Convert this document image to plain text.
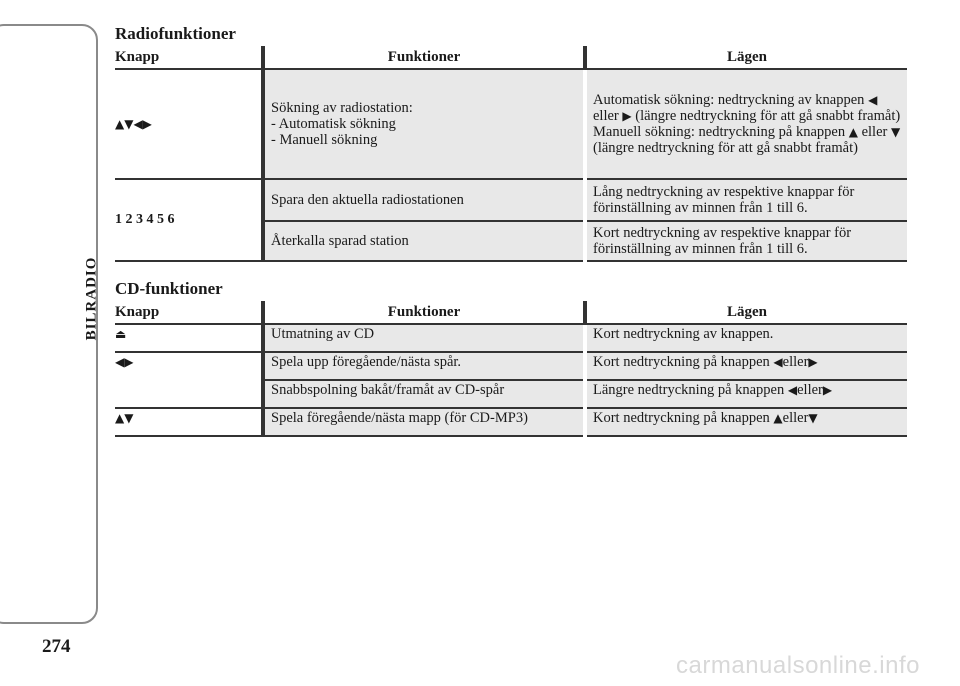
BILRADIO
274
carmanualsonline.info
Radiofunktioner
Knapp	Funktioner	Lägen
▲▼◀▶	Sökning av radiostation:
- Automatisk sökning
- Manuell sökning	Automatisk sökning: nedtryckning av knappen ◀ eller ▶ (längre nedtryckning för att gå snabbt framåt) Manuell sökning: nedtryckning på knappen ▲ eller ▼ (längre nedtryckning för att gå snabbt framåt)
1 2 3 4 5 6	Spara den aktuella radiostationen	Lång nedtryckning av respektive knappar för förinställning av minnen från 1 till 6.
	Återkalla sparad station	Kort nedtryckning av respektive knappar för förinställning av minnen från 1 till 6.
CD-funktioner
Knapp	Funktioner	Lägen
⏏	Utmatning av CD	Kort nedtryckning av knappen.
◀▶	Spela upp föregående/nästa spår.	Kort nedtryckning på knappen ◀eller▶
	Snabbspolning bakåt/framåt av CD-spår	Längre nedtryckning på knappen ◀eller▶
▲▼	Spela föregående/nästa mapp (för CD-MP3)	Kort nedtryckning på knappen ▲eller▼
